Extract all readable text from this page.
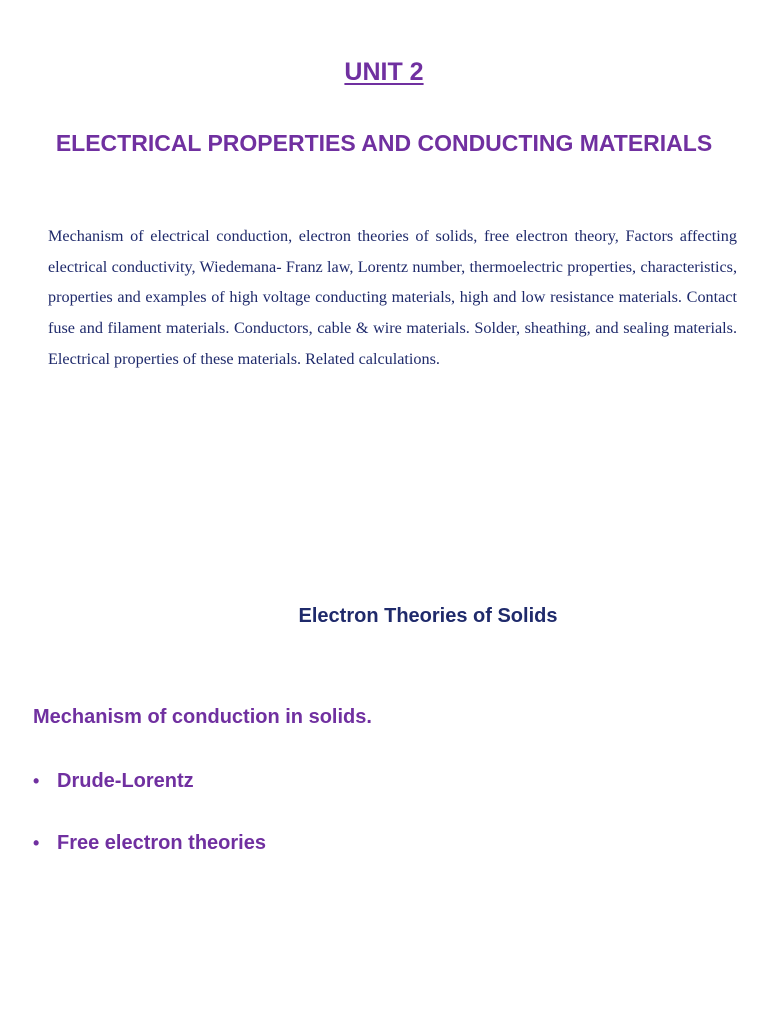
UNIT 2
ELECTRICAL PROPERTIES AND CONDUCTING MATERIALS

Mechanism of electrical conduction, electron theories of solids, free electron theory, Factors affecting electrical conductivity, Wiedemana- Franz law, Lorentz number, thermoelectric properties, characteristics, properties and examples of high voltage conducting materials, high and low resistance materials. Contact fuse and filament materials. Conductors, cable & wire materials. Solder, sheathing, and sealing materials. Electrical properties of these materials. Related calculations.

Electron Theories of Solids
Mechanism of conduction in solids.
• Drude-Lorentz
• Free electron theories
